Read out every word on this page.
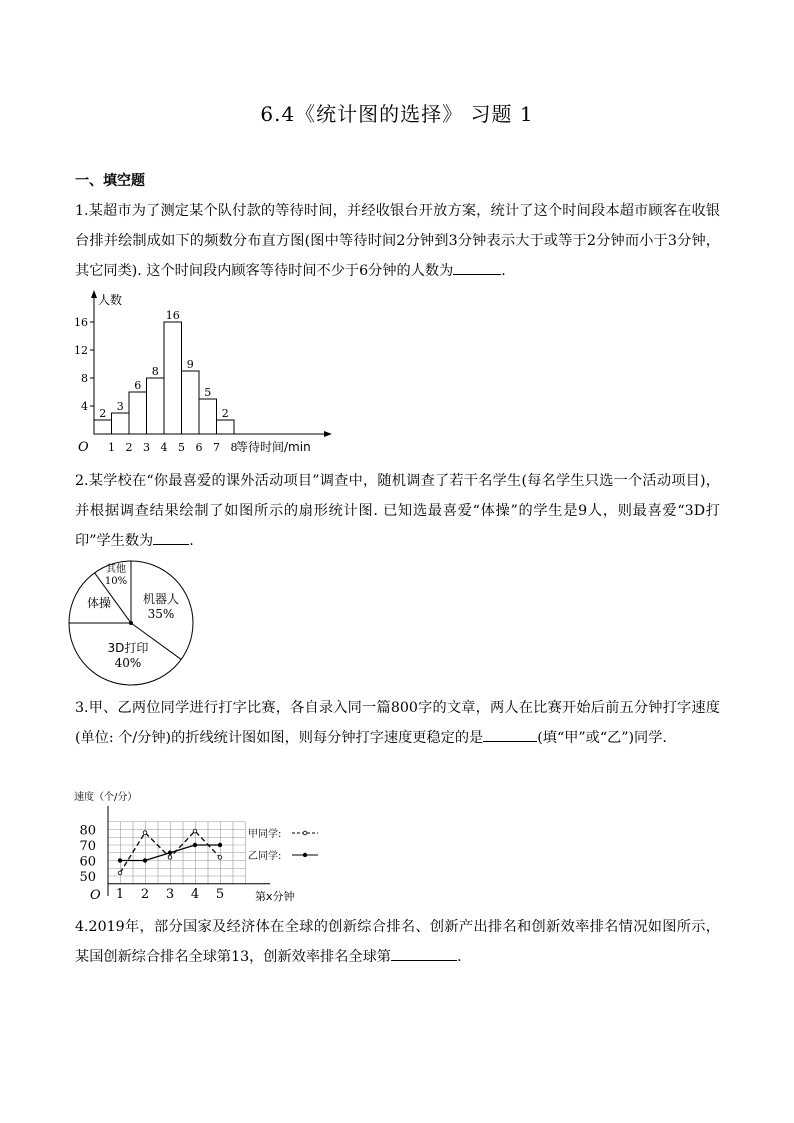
6.4《统计图的选择》 习题 1
一、填空题
1.某超市为了测定某个队付款的等待时间，并经收银台开放方案，统计了这个时间段本超市顾客在收银台排并绘制成如下的频数分布直方图(图中等待时间2分钟到3分钟表示大于或等于2分钟而小于3分钟，其它同类). 这个时间段内顾客等待时间不少于6分钟的人数为	.
人数
O	等待时间/min
4
8
12
16
1 2 3 4 5 6 7 8
2
3
6
8
16
9
5
2
2.某学校在“你最喜爱的课外活动项目”调查中，随机调查了若干名学生(每名学生只选一个活动项目)，并根据调查结果绘制了如图所示的扇形统计图. 已知选最喜爱“体操”的学生是9人，则最喜爱“3D打印”学生数为	.
机器人
35%
3D打印
40%
体操
其他
10%
3.甲、乙两位同学进行打字比赛，各自录入同一篇800字的文章，两人在比赛开始后前五分钟打字速度(单位: 个/分钟)的折线统计图如图，则每分钟打字速度更稳定的是	(填“甲”或“乙”)同学.
速度（个/分）
O
50
60
70
80
1 2 3 4 5	第x分钟
甲同学:
乙同学:
4.2019年，部分国家及经济体在全球的创新综合排名、创新产出排名和创新效率排名情况如图所示，某国创新综合排名全球第13，创新效率排名全球第	.
